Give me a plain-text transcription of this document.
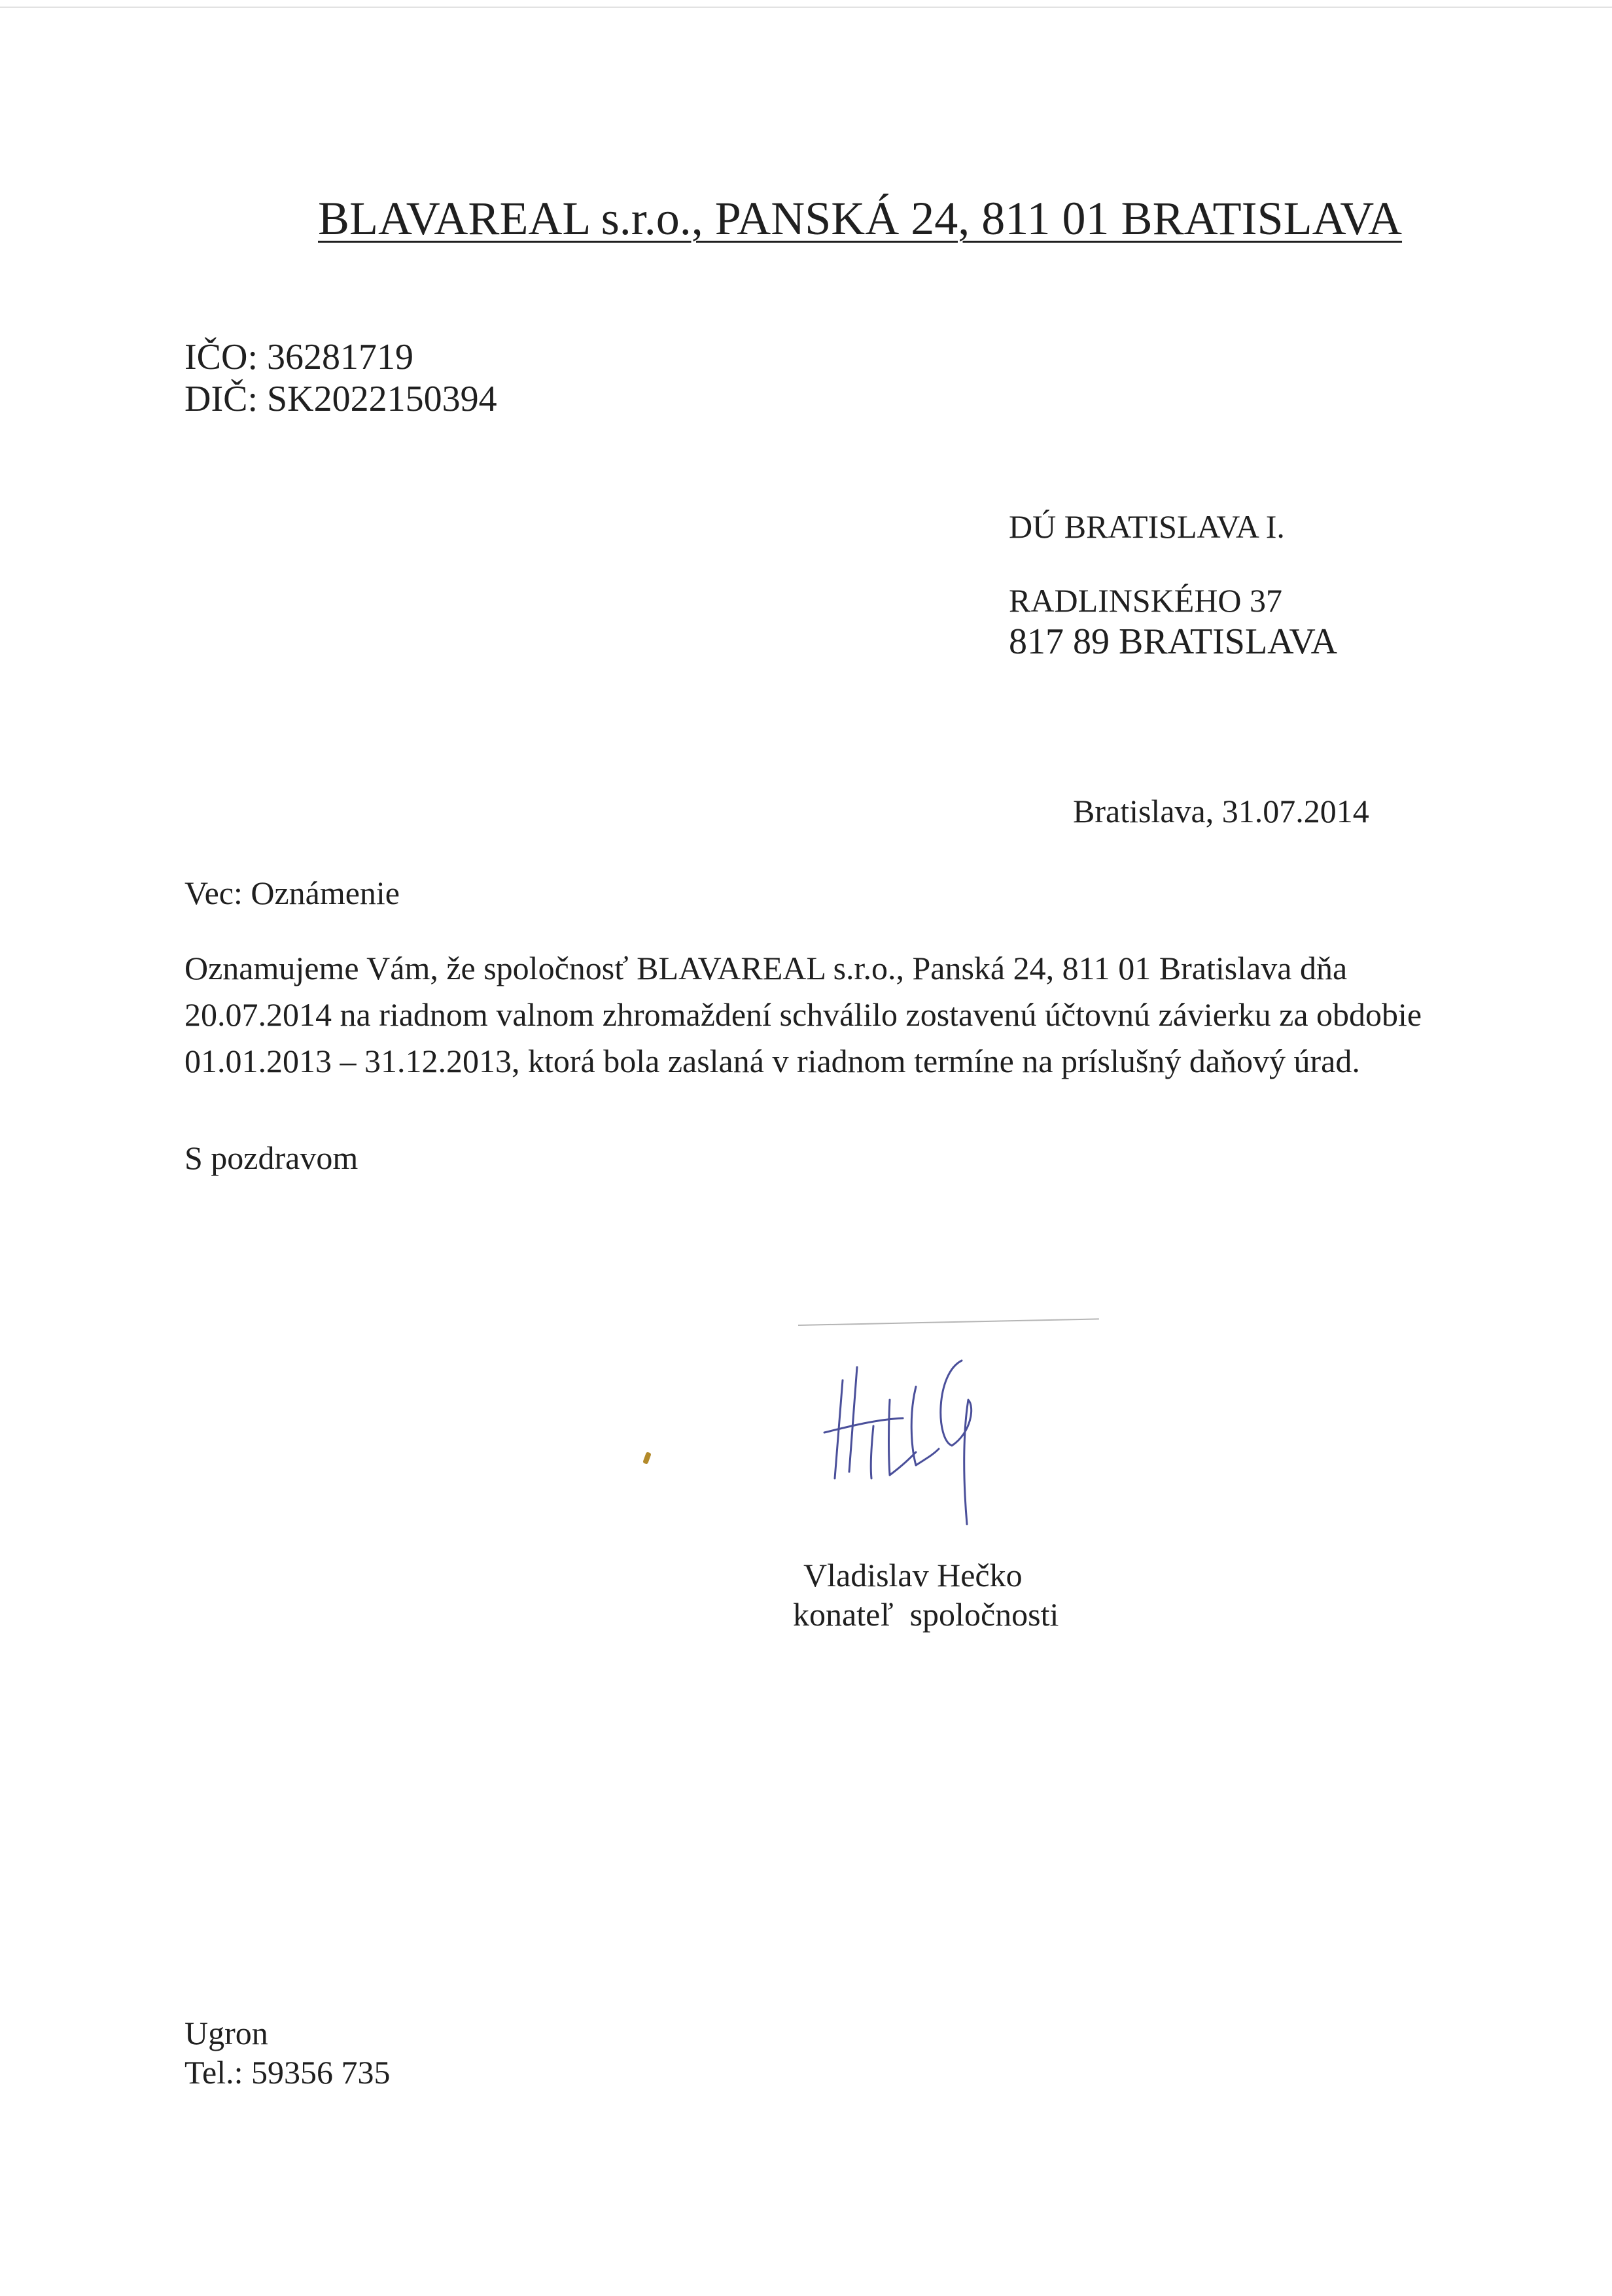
BLAVAREAL s.r.o., PANSKÁ 24, 811 01 BRATISLAVA
IČO: 36281719
DIČ: SK2022150394
DÚ BRATISLAVA I.
RADLINSKÉHO 37
817 89 BRATISLAVA
Bratislava, 31.07.2014
Vec: Oznámenie

Oznamujeme Vám, že spoločnosť BLAVAREAL s.r.o., Panská 24, 811 01 Bratislava dňa

20.07.2014 na riadnom valnom zhromaždení schválilo zostavenú účtovnú závierku za obdobie

01.01.2013 – 31.12.2013, ktorá bola zaslaná v riadnom termíne na príslušný daňový úrad.

S pozdravom
Vladislav Hečko
konateľ  spoločnosti
Ugron
Tel.: 59356 735
